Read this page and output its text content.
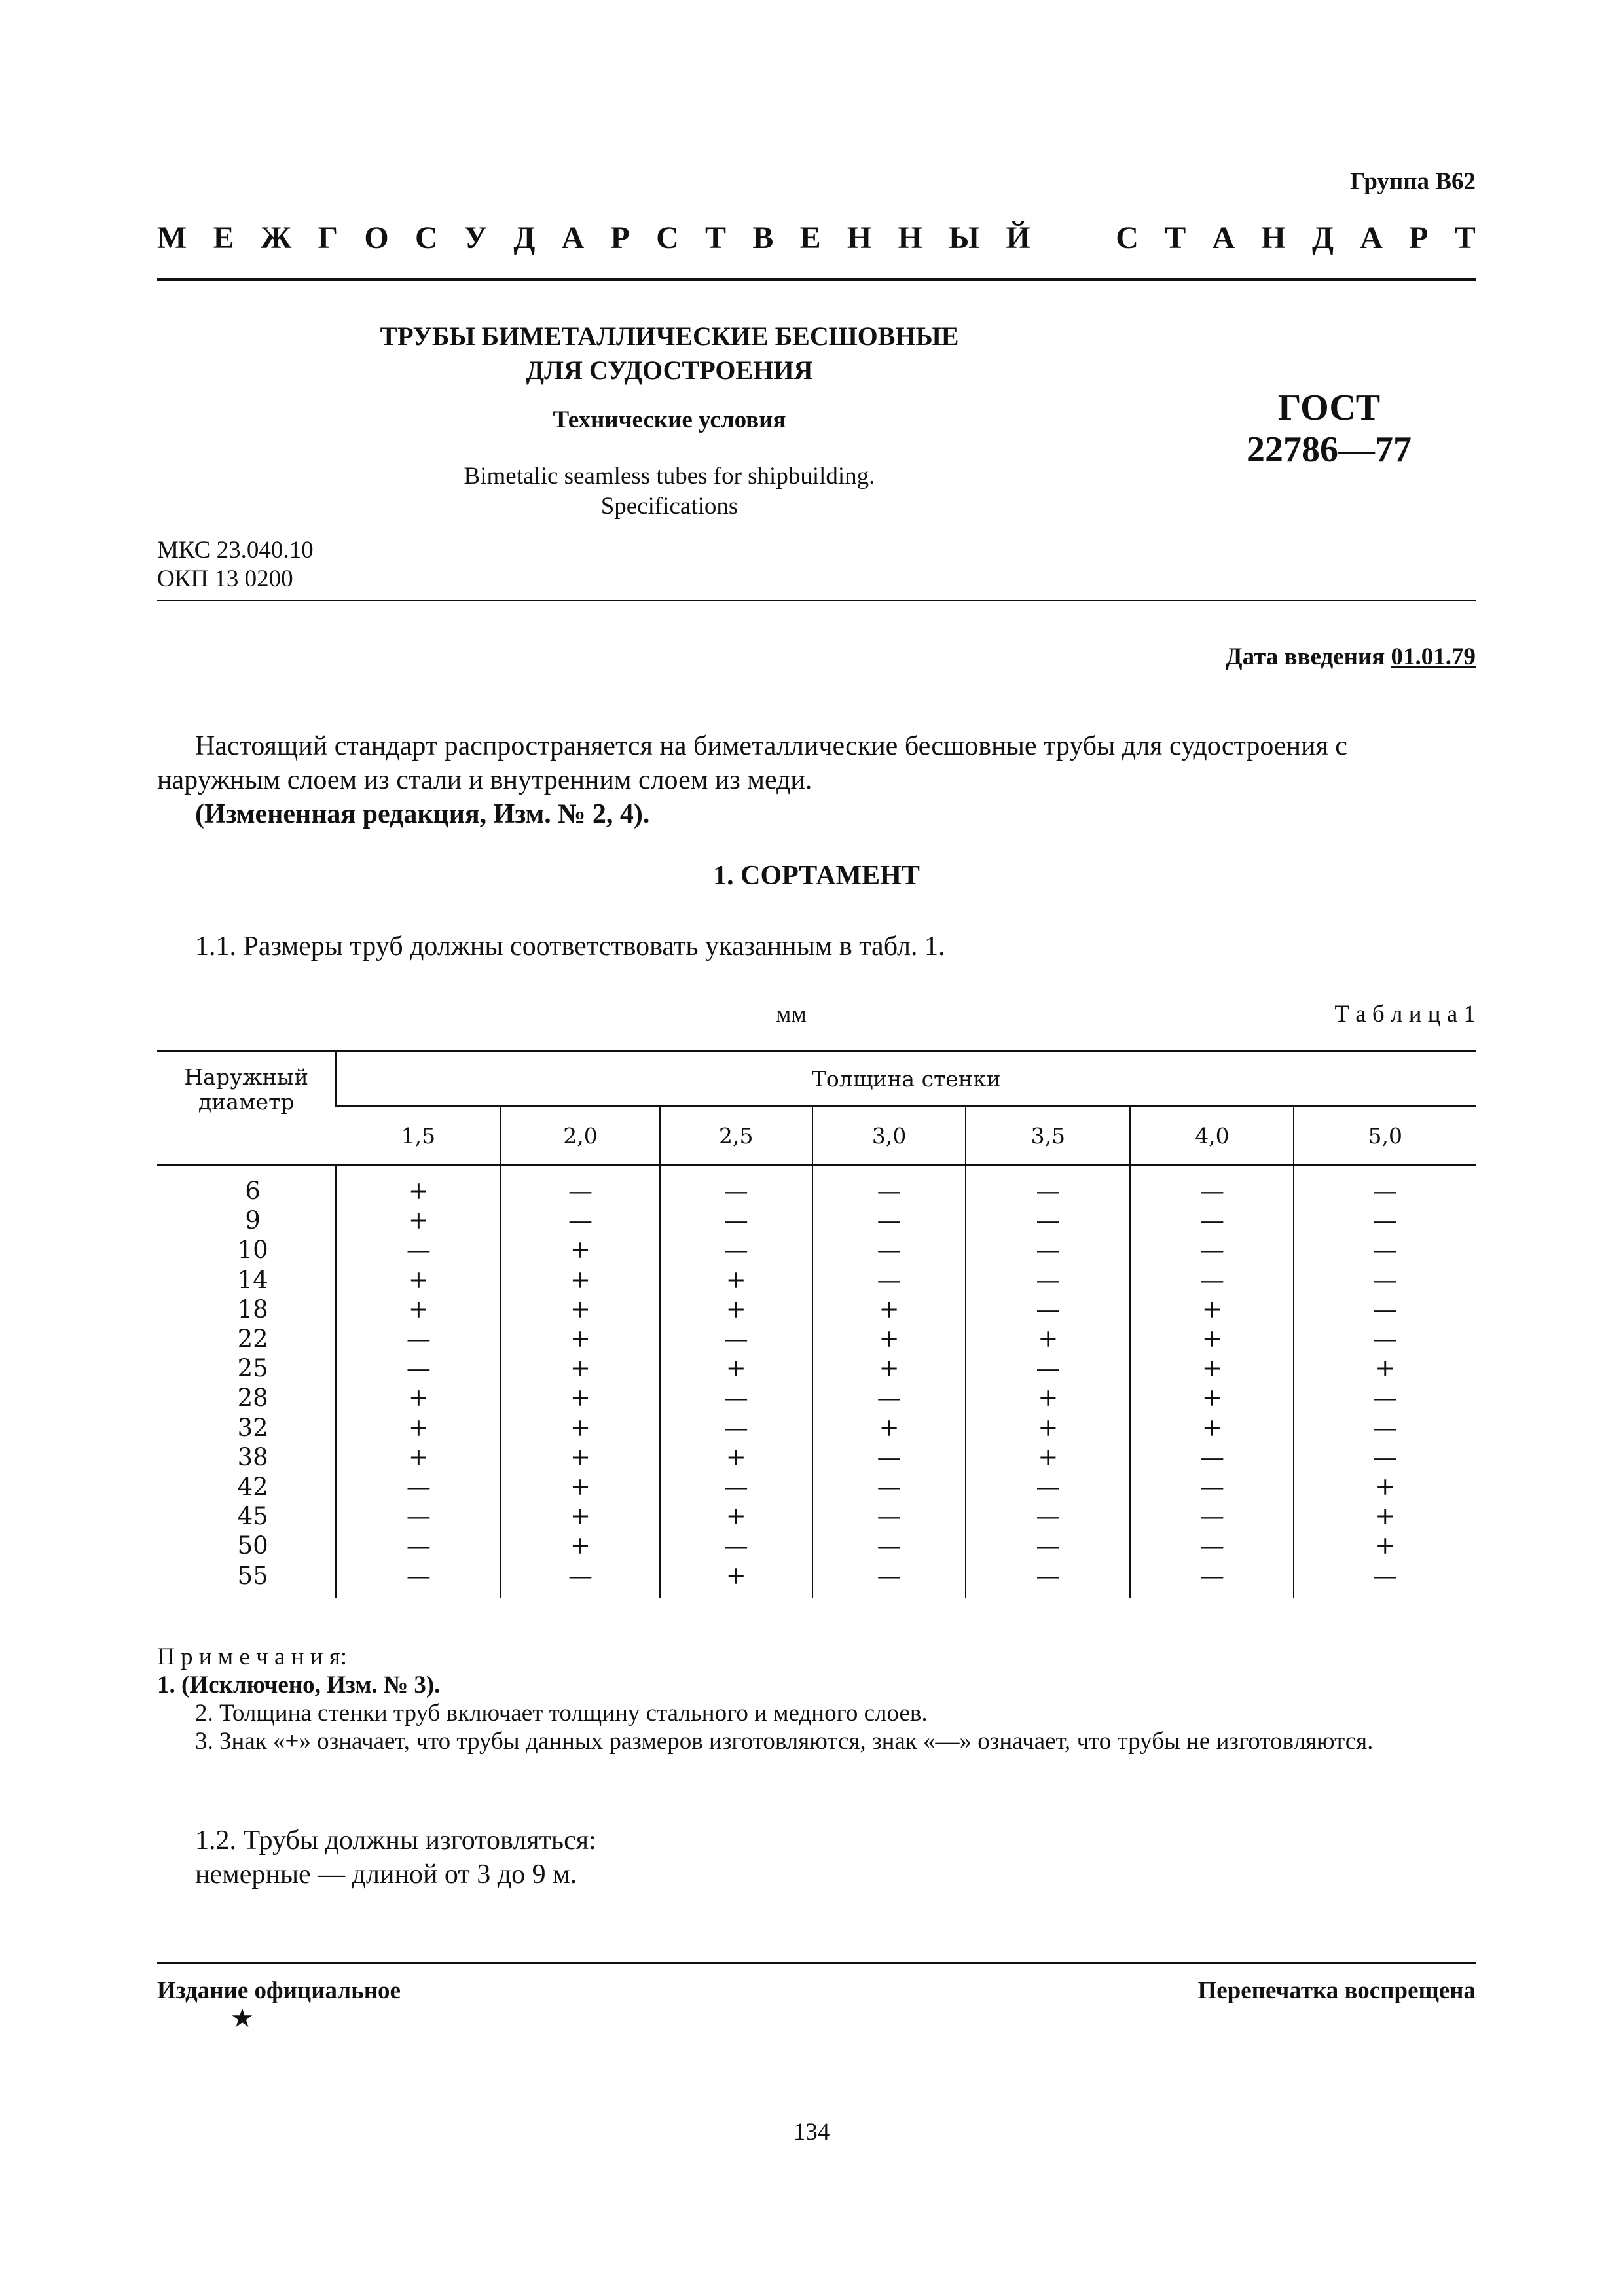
Группа В62
М Е Ж Г О С У Д А Р С Т В Е Н Н Ы Й	С Т А Н Д А Р Т
ТРУБЫ БИМЕТАЛЛИЧЕСКИЕ БЕСШОВНЫЕ
ДЛЯ СУДОСТРОЕНИЯ
Технические условия
Bimetalic seamless tubes for shipbuilding.
Specifications
ГОСТ
22786—77
МКС 23.040.10
ОКП 13 0200
Дата введения 01.01.79
Настоящий стандарт распространяется на биметаллические бесшовные трубы для судостроения с наружным слоем из стали и внутренним слоем из меди.
(Измененная редакция, Изм. № 2, 4).
1. СОРТАМЕНТ
1.1. Размеры труб должны соответствовать указанным в табл. 1.
мм	Т а б л и ц а 1
Наружный диаметр	Толщина стенки						
	1,5	2,0	2,5	3,0	3,5	4,0	5,0
6	+	—	—	—	—	—	—
9	+	—	—	—	—	—	—
10	—	+	—	—	—	—	—
14	+	+	+	—	—	—	—
18	+	+	+	+	—	+	—
22	—	+	—	+	+	+	—
25	—	+	+	+	—	+	+
28	+	+	—	—	+	+	—
32	+	+	—	+	+	+	—
38	+	+	+	—	+	—	—
42	—	+	—	—	—	—	+
45	—	+	+	—	—	—	+
50	—	+	—	—	—	—	+
55	—	—	+	—	—	—	—
П р и м е ч а н и я:
1. (Исключено, Изм. № 3).
2. Толщина стенки труб включает толщину стального и медного слоев.
3. Знак «+» означает, что трубы данных размеров изготовляются, знак «—» означает, что трубы не изготовляются.
1.2. Трубы должны изготовляться:
немерные — длиной от 3 до 9 м.
Издание официальное	Перепечатка воспрещена
★
134
